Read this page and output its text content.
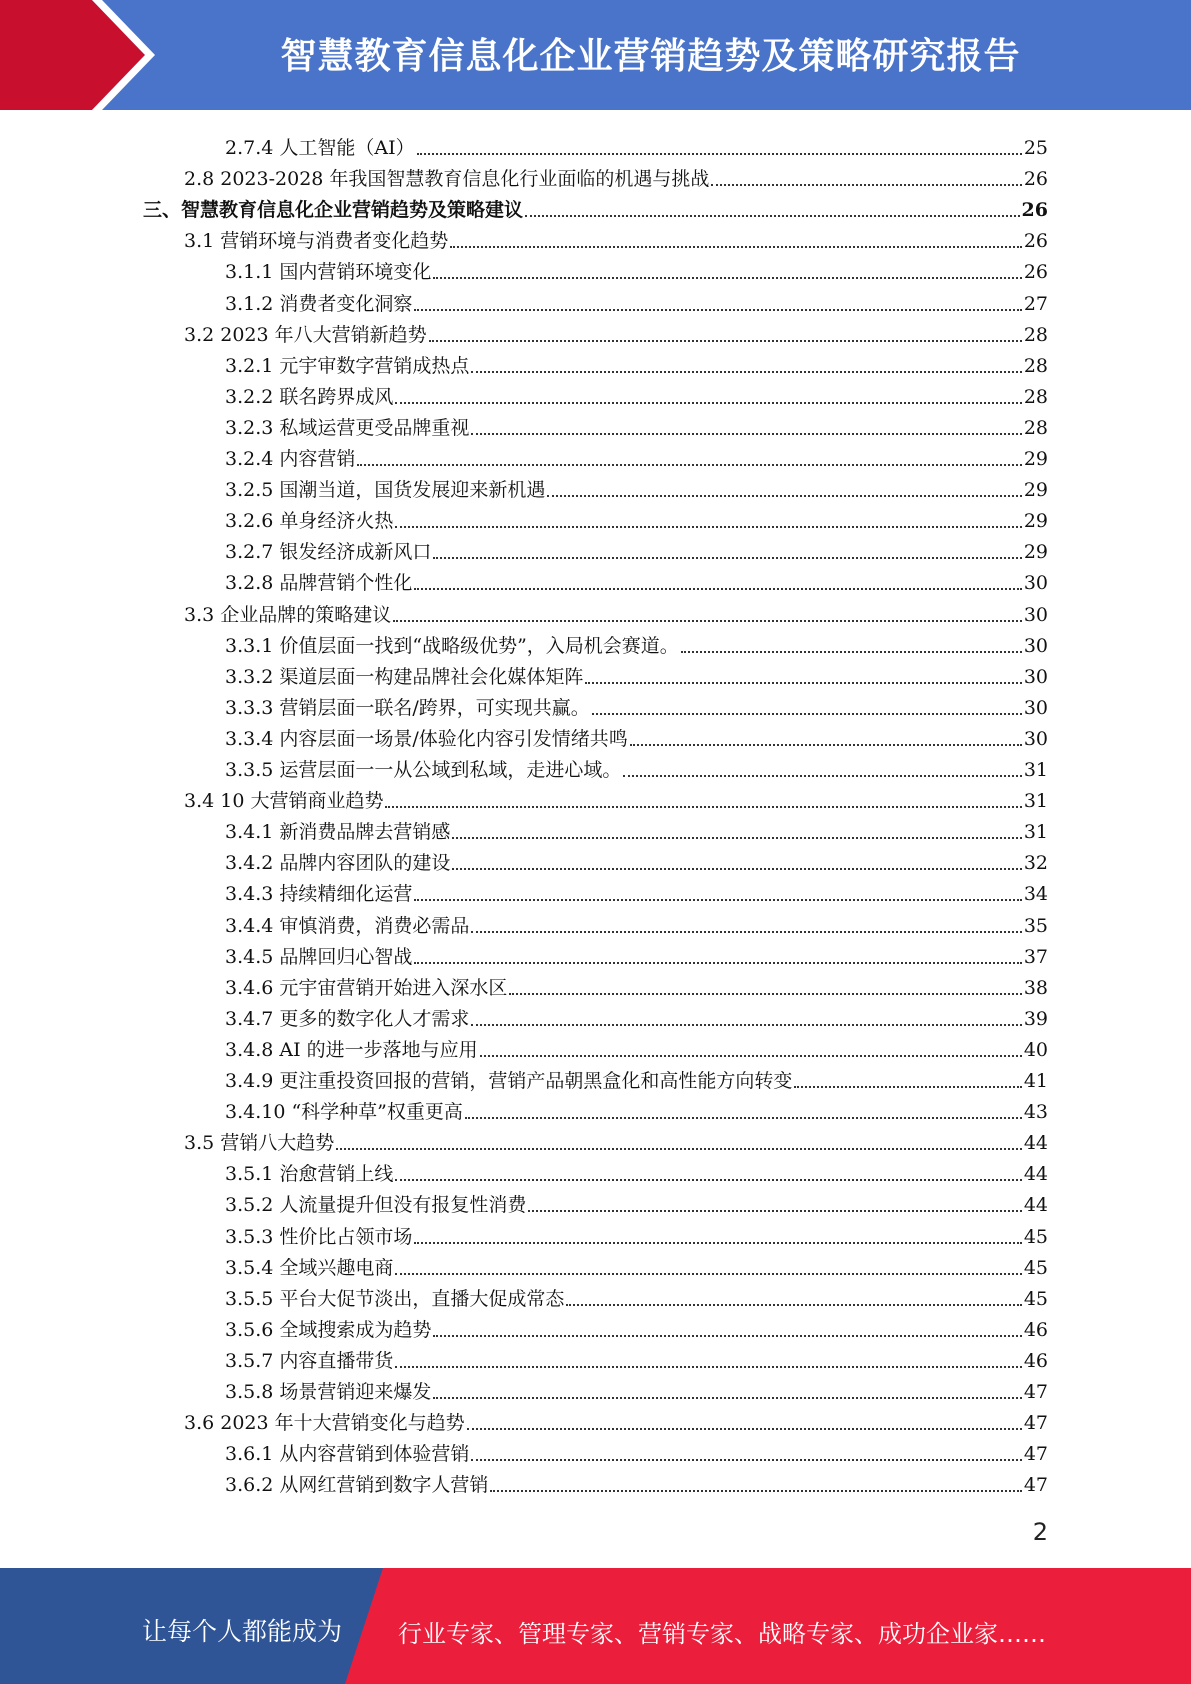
智慧教育信息化企业营销趋势及策略研究报告
2.7.4 人工智能（AI）	25
2.8 2023-2028 年我国智慧教育信息化行业面临的机遇与挑战	26
三、智慧教育信息化企业营销趋势及策略建议	26
3.1 营销环境与消费者变化趋势	26
3.1.1 国内营销环境变化	26
3.1.2 消费者变化洞察	27
3.2 2023 年八大营销新趋势	28
3.2.1 元宇审数字营销成热点	28
3.2.2 联名跨界成风	28
3.2.3 私域运营更受品牌重视	28
3.2.4 内容营销	29
3.2.5 国潮当道，国货发展迎来新机遇	29
3.2.6 单身经济火热	29
3.2.7 银发经济成新风口	29
3.2.8 品牌营销个性化	30
3.3 企业品牌的策略建议	30
3.3.1 价值层面一找到“战略级优势”，入局机会赛道。	30
3.3.2 渠道层面一构建品牌社会化媒体矩阵	30
3.3.3 营销层面一联名/跨界，可实现共赢。	30
3.3.4 内容层面一场景/体验化内容引发情绪共鸣	30
3.3.5 运营层面一一从公域到私域，走进心域。	31
3.4 10 大营销商业趋势	31
3.4.1 新消费品牌去营销感	31
3.4.2 品牌内容团队的建设	32
3.4.3 持续精细化运营	34
3.4.4 审慎消费，消费必需品	35
3.4.5 品牌回归心智战	37
3.4.6 元宇宙营销开始进入深水区	38
3.4.7 更多的数字化人才需求	39
3.4.8 AI 的进一步落地与应用	40
3.4.9 更注重投资回报的营销，营销产品朝黑盒化和高性能方向转变	41
3.4.10 “科学种草”权重更高	43
3.5 营销八大趋势	44
3.5.1 治愈营销上线	44
3.5.2 人流量提升但没有报复性消费	44
3.5.3 性价比占领市场	45
3.5.4 全域兴趣电商	45
3.5.5 平台大促节淡出，直播大促成常态	45
3.5.6 全域搜索成为趋势	46
3.5.7 内容直播带货	46
3.5.8 场景营销迎来爆发	47
3.6 2023 年十大营销变化与趋势	47
3.6.1 从内容营销到体验营销	47
3.6.2 从网红营销到数字人营销	47
2
让每个人都能成为 行业专家、管理专家、营销专家、战略专家、成功企业家……
